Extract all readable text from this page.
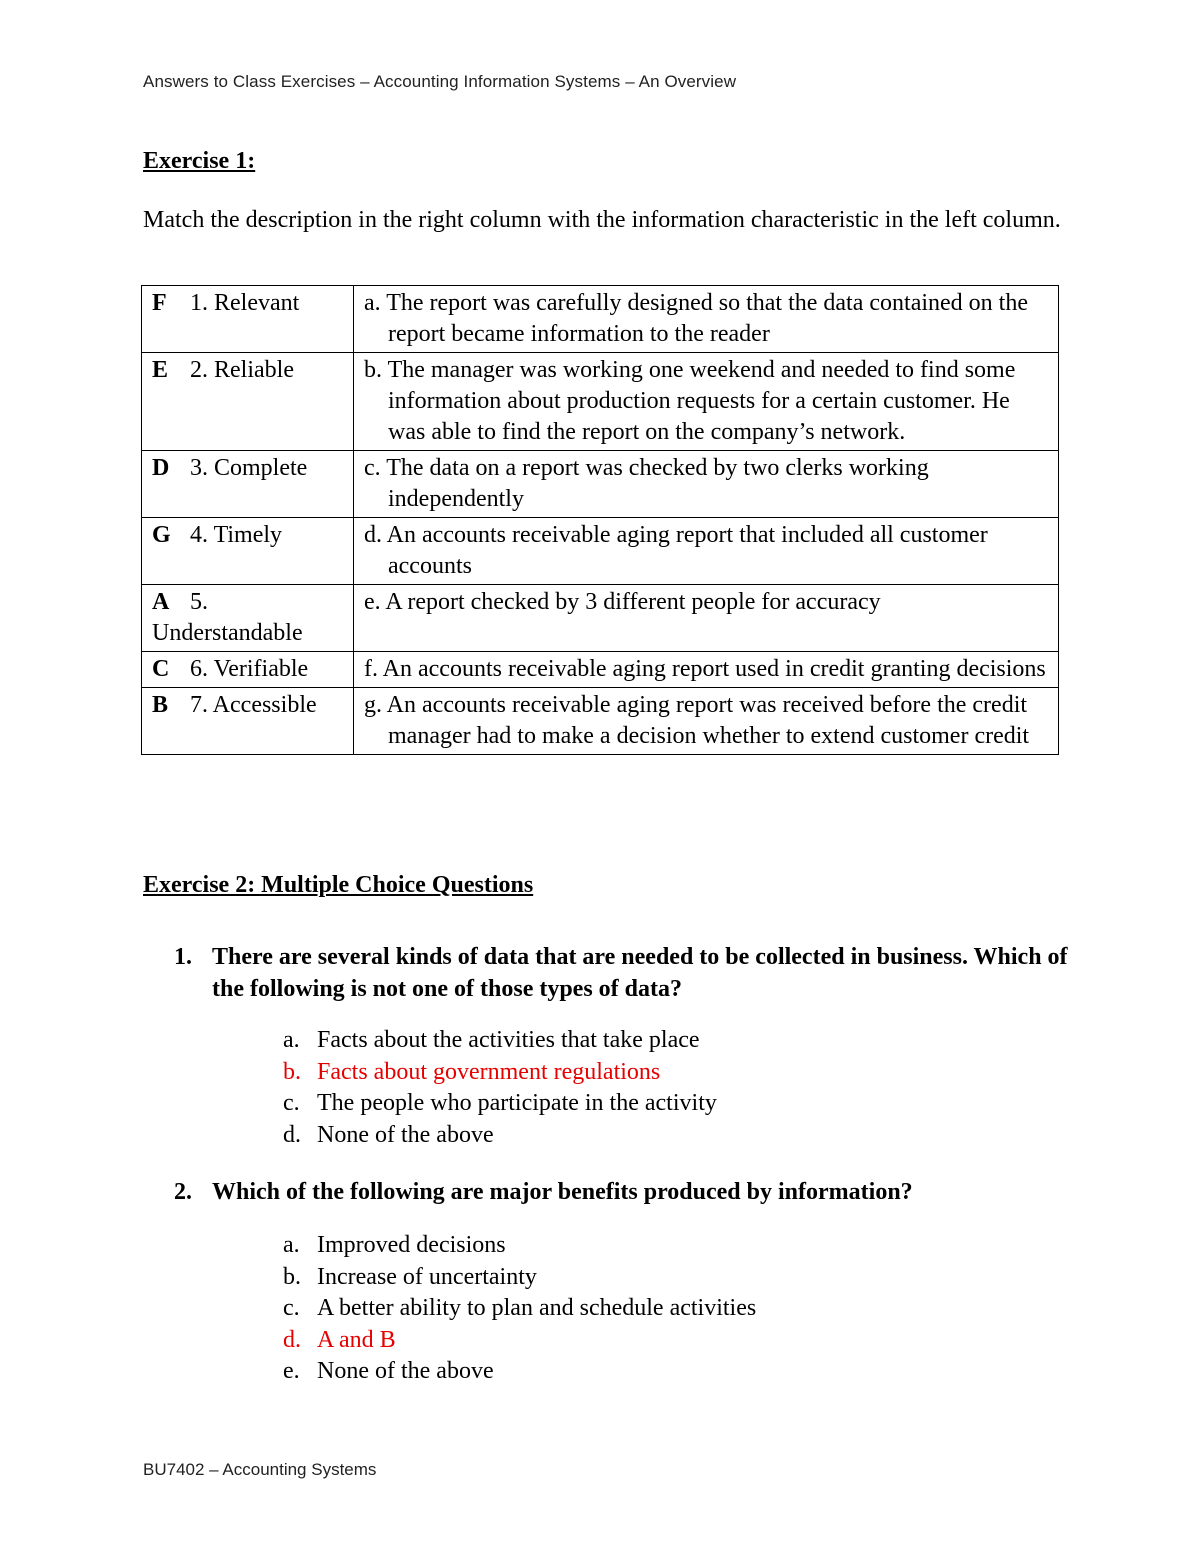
Answers to Class Exercises – Accounting Information Systems – An Overview
Exercise 1:
Match the description in the right column with the information characteristic in the left column.
F 1. Relevant	a. The report was carefully designed so that the data contained on the report became information to the reader

E 2. Reliable	b. The manager was working one weekend and needed to find some information about production requests for a certain customer. He was able to find the report on the company’s network.

D 3. Complete	c. The data on a report was checked by two clerks working independently

G 4. Timely	d. An accounts receivable aging report that included all customer accounts

A 5. Understandable	e. A report checked by 3 different people for accuracy

C 6. Verifiable	f. An accounts receivable aging report used in credit granting decisions

B 7. Accessible	g. An accounts receivable aging report was received before the credit manager had to make a decision whether to extend customer credit
Exercise 2: Multiple Choice Questions
1. There are several kinds of data that are needed to be collected in business. Which of the following is not one of those types of data?
a. Facts about the activities that take place
b. Facts about government regulations
c. The people who participate in the activity
d. None of the above
2. Which of the following are major benefits produced by information?
a. Improved decisions
b. Increase of uncertainty
c. A better ability to plan and schedule activities
d. A and B
e. None of the above
BU7402 – Accounting Systems
